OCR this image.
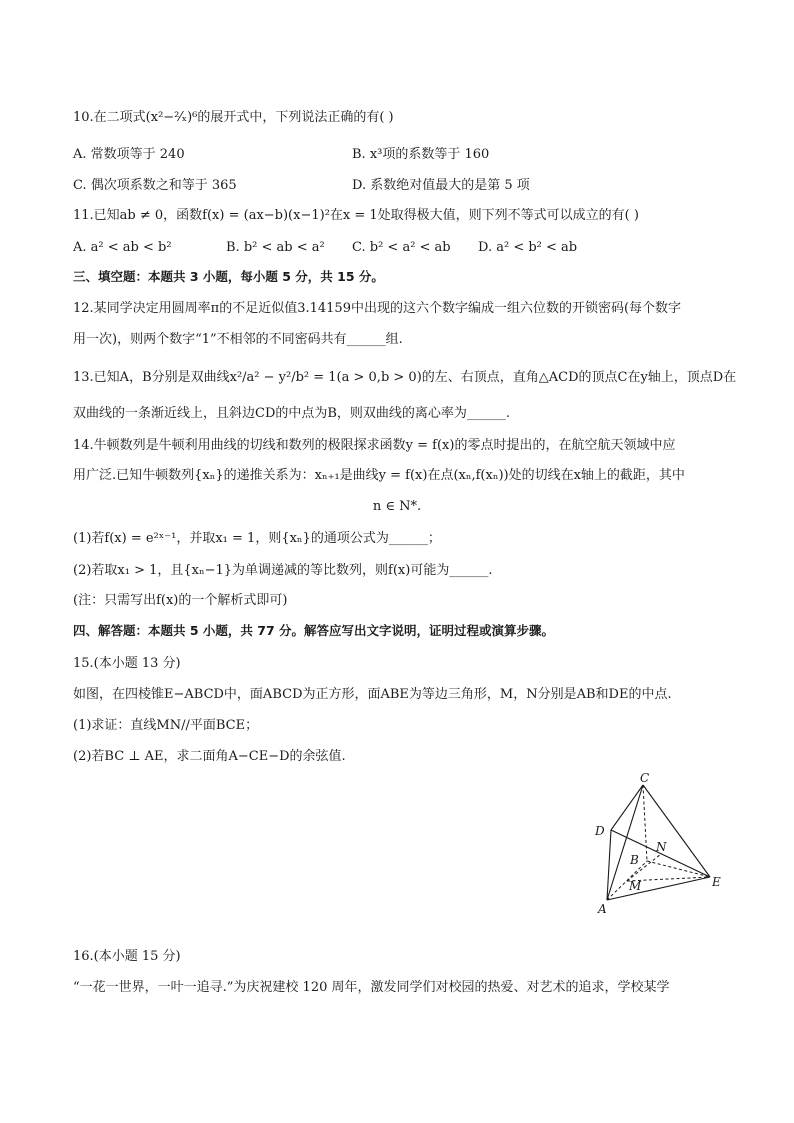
10.在二项式(x²−²⁄ₓ)⁶的展开式中，下列说法正确的有( )
A. 常数项等于 240	B. x³项的系数等于 160
C. 偶次项系数之和等于 365	D. 系数绝对值最大的是第 5 项
11.已知ab ≠ 0，函数f(x) = (ax−b)(x−1)²在x = 1处取得极大值，则下列不等式可以成立的有( )
A. a² < ab < b²	B. b² < ab < a² C. b² < a² < ab D. a² < b² < ab
三、填空题：本题共 3 小题，每小题 5 分，共 15 分。
12.某同学决定用圆周率π的不足近似值3.14159中出现的这六个数字编成一组六位数的开锁密码(每个数字
用一次)，则两个数字“1”不相邻的不同密码共有______组.
13.已知A，B分别是双曲线x²/a² − y²/b² = 1(a > 0,b > 0)的左、右顶点，直角△ACD的顶点C在y轴上，顶点D在
双曲线的一条渐近线上，且斜边CD的中点为B，则双曲线的离心率为______.
14.牛顿数列是牛顿利用曲线的切线和数列的极限探求函数y = f(x)的零点时提出的，在航空航天领域中应
用广泛.已知牛顿数列{xₙ}的递推关系为：xₙ₊₁是曲线y = f(x)在点(xₙ,f(xₙ))处的切线在x轴上的截距，其中
n ∈ N*.
(1)若f(x) = e²ˣ⁻¹，并取x₁ = 1，则{xₙ}的通项公式为______；
(2)若取x₁ > 1，且{xₙ−1}为单调递减的等比数列，则f(x)可能为______.
(注：只需写出f(x)的一个解析式即可)
四、解答题：本题共 5 小题，共 77 分。解答应写出文字说明，证明过程或演算步骤。
15.(本小题 13 分)
如图，在四棱锥E−ABCD中，面ABCD为正方形，面ABE为等边三角形，M，N分别是AB和DE的中点.
(1)求证：直线MN//平面BCE；
(2)若BC ⊥ AE，求二面角A−CE−D的余弦值.
C
D
B
N
M	E
A
16.(本小题 15 分)
“一花一世界，一叶一追寻.”为庆祝建校 120 周年，激发同学们对校园的热爱、对艺术的追求，学校某学
